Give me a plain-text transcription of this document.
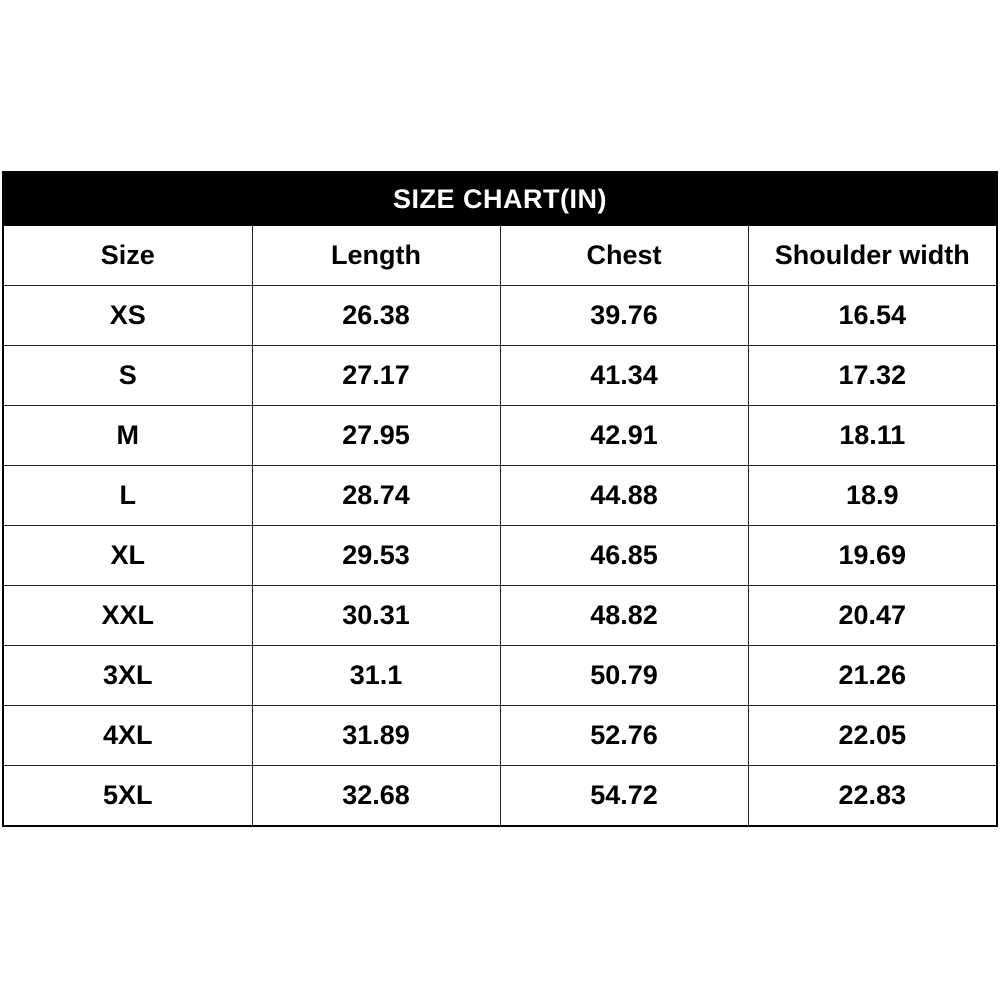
SIZE CHART(IN)
Size	Length	Chest	Shoulder width
XS	26.38	39.76	16.54
S	27.17	41.34	17.32
M	27.95	42.91	18.11
L	28.74	44.88	18.9
XL	29.53	46.85	19.69
XXL	30.31	48.82	20.47
3XL	31.1	50.79	21.26
4XL	31.89	52.76	22.05
5XL	32.68	54.72	22.83
